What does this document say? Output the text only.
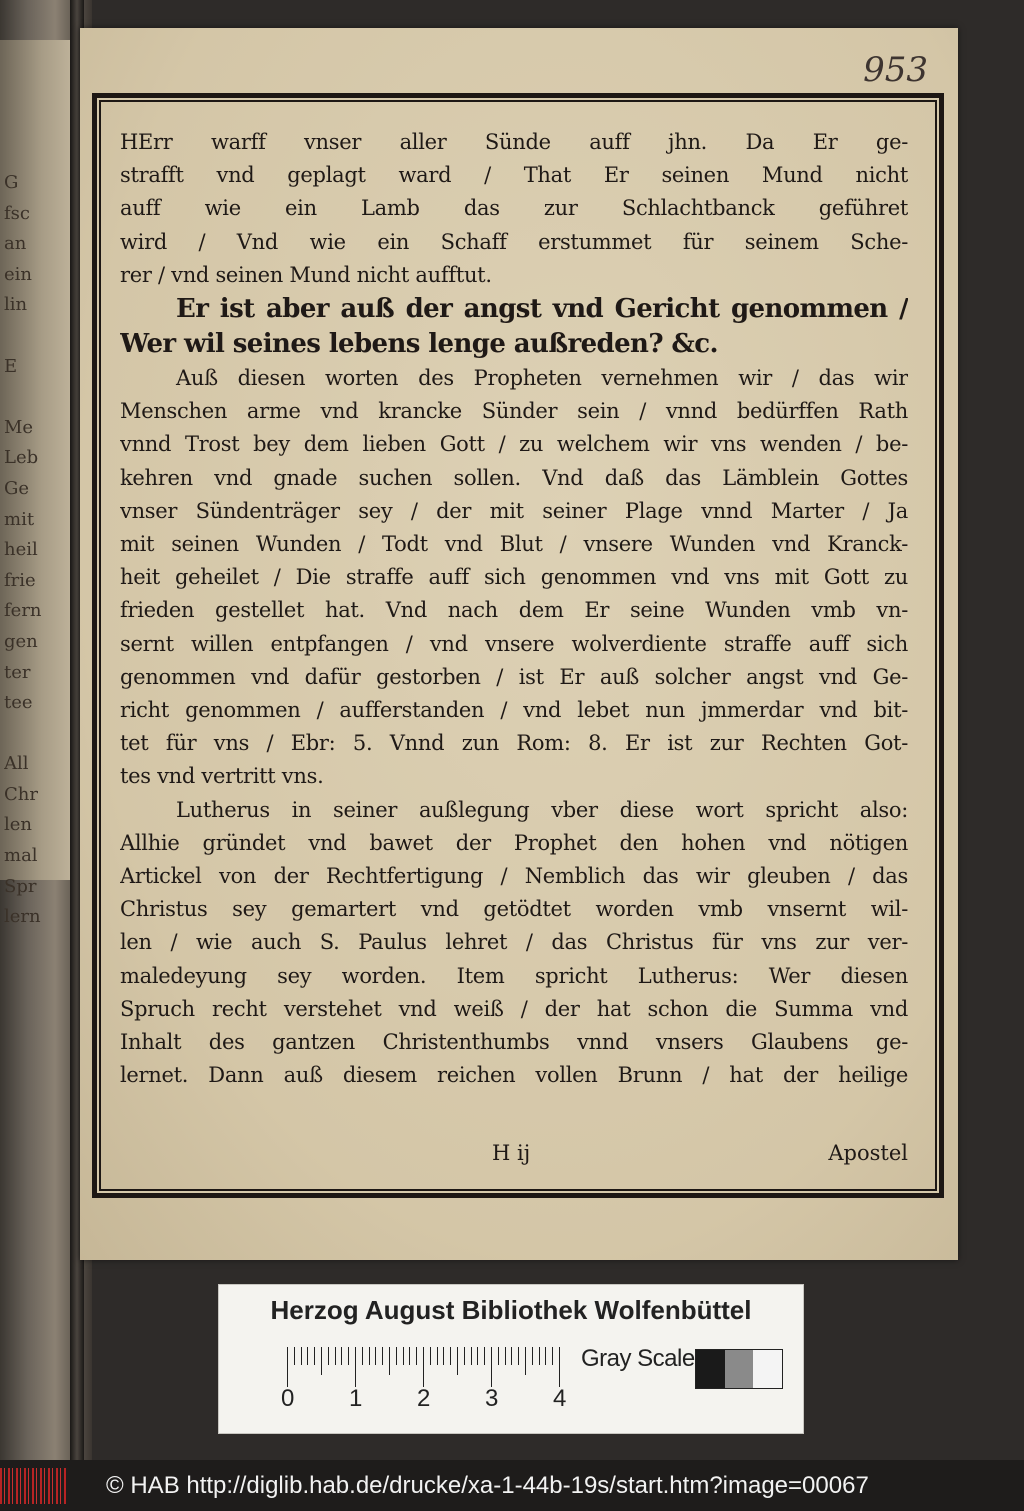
G
fsc
an
ein
lin
E
Me
Leb
Ge
mit
heil
frie
fern
gen
ter
tee
All
Chr
len
mal
Spr
lern
953
HErr warff vnser aller Sünde auff jhn. Da Er ge-
strafft vnd geplagt ward / That Er seinen Mund nicht
auff wie ein Lamb das zur Schlachtbanck geführet
wird / Vnd wie ein Schaff erstummet für seinem Sche-
rer / vnd seinen Mund nicht aufftut.
Er ist aber auß der angst vnd Gericht genommen /
Wer wil seines lebens lenge außreden? &c.
Auß diesen worten des Propheten vernehmen wir / das wir
Menschen arme vnd krancke Sünder sein / vnnd bedürffen Rath
vnnd Trost bey dem lieben Gott / zu welchem wir vns wenden / be-
kehren vnd gnade suchen sollen. Vnd daß das Lämblein Gottes
vnser Sündenträger sey / der mit seiner Plage vnnd Marter / Ja
mit seinen Wunden / Todt vnd Blut / vnsere Wunden vnd Kranck-
heit geheilet / Die straffe auff sich genommen vnd vns mit Gott zu
frieden gestellet hat. Vnd nach dem Er seine Wunden vmb vn-
sernt willen entpfangen / vnd vnsere wolverdiente straffe auff sich
genommen vnd dafür gestorben / ist Er auß solcher angst vnd Ge-
richt genommen / aufferstanden / vnd lebet nun jmmerdar vnd bit-
tet für vns / Ebr: 5. Vnnd zun Rom: 8. Er ist zur Rechten Got-
tes vnd vertritt vns.
Lutherus in seiner außlegung vber diese wort spricht also:
Allhie gründet vnd bawet der Prophet den hohen vnd nötigen
Artickel von der Rechtfertigung / Nemblich das wir gleuben / das
Christus sey gemartert vnd getödtet worden vmb vnsernt wil-
len / wie auch S. Paulus lehret / das Christus für vns zur ver-
maledeyung sey worden. Item spricht Lutherus: Wer diesen
Spruch recht verstehet vnd weiß / der hat schon die Summa vnd
Inhalt des gantzen Christenthumbs vnnd vnsers Glaubens ge-
lernet. Dann auß diesem reichen vollen Brunn / hat der heilige
H ij	Apostel
Herzog August Bibliothek Wolfenbüttel
0 1 2 3 4
Gray Scale
© HAB http://diglib.hab.de/drucke/xa-1-44b-19s/start.htm?image=00067
